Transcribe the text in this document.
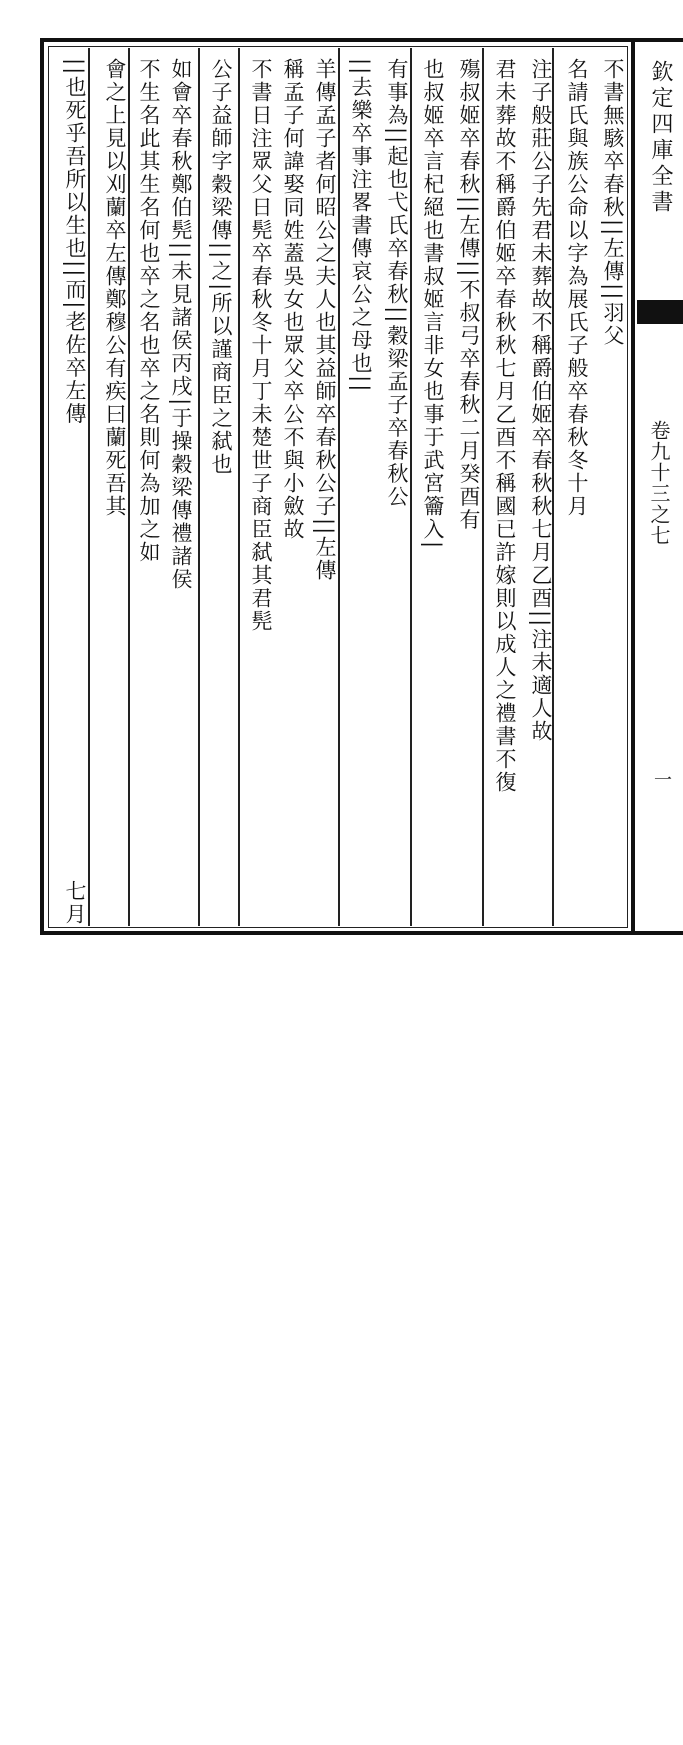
欽定四庫全書
卷九十三之七
一
不書無駭卒春秋||左傳||羽父
名請氏與族公命以字為展氏子般卒春秋冬十月
注子般莊公子先君未葬故不稱爵伯姬卒春秋秋七月乙酉||注未適人故
君未葬故不稱爵伯姬卒春秋秋七月乙酉不稱國已許嫁則以成人之禮書不復
殤叔姬卒春秋||左傳||不叔弓卒春秋二月癸酉有
也叔姬卒言杞絕也書叔姬言非女也事于武宮籥入|
有事為||起也弋氏卒春秋||穀梁孟子卒春秋公
||去樂卒事注畧書傳哀公之母也||
羊傳孟子者何昭公之夫人也其益師卒春秋公子||左傳
稱孟子何諱娶同姓蓋吳女也眾父卒公不與小斂故
不書日注眾父日髡卒春秋冬十月丁未楚世子商臣弑其君髡
公子益師字穀梁傳||之|所以謹商臣之弑也
如會卒春秋鄭伯髡||未見諸侯丙戌|于操穀梁傳禮諸侯
不生名此其生名何也卒之名也卒之名則何為加之如
會之上見以刈蘭卒左傳鄭穆公有疾曰蘭死吾其
||也死乎吾所以生也||而|老佐卒左傳
七月
